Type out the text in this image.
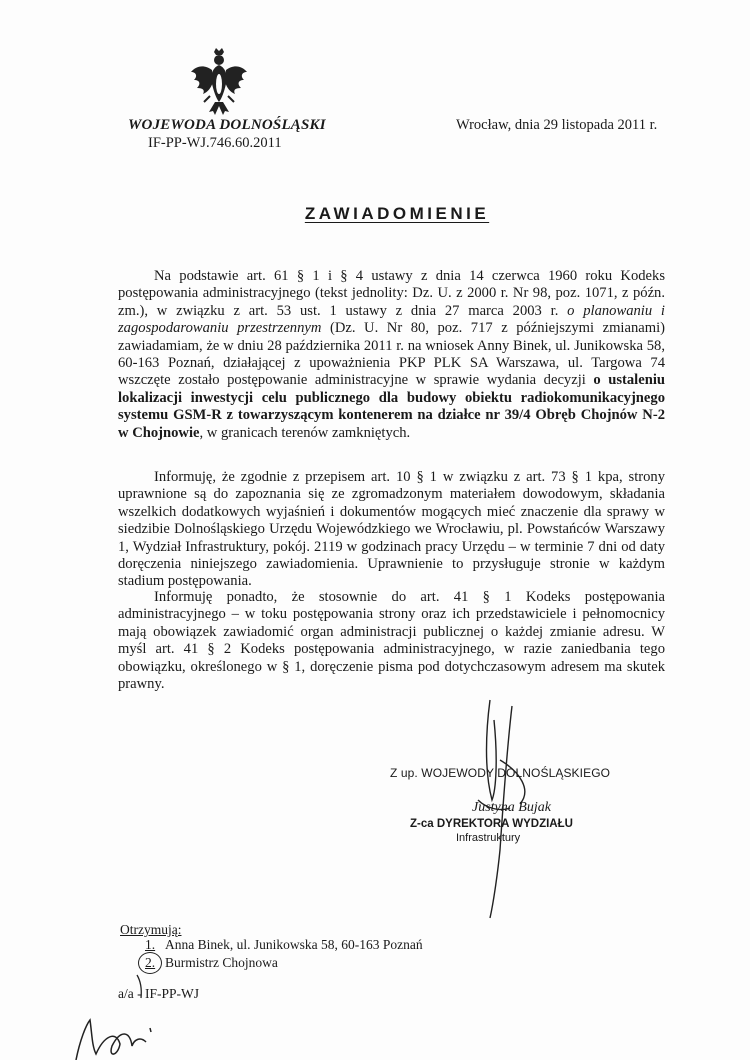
WOJEWODA DOLNOŚLĄSKI
IF-PP-WJ.746.60.2011
Wrocław, dnia 29 listopada 2011 r.
ZAWIADOMIENIE

Na podstawie art. 61 § 1 i § 4 ustawy z dnia 14 czerwca 1960 roku Kodeks postępowania administracyjnego (tekst jednolity: Dz. U. z 2000 r. Nr 98, poz. 1071, z późn. zm.), w związku z art. 53 ust. 1 ustawy z dnia 27 marca 2003 r. o planowaniu i zagospodarowaniu przestrzennym (Dz. U. Nr 80, poz. 717 z późniejszymi zmianami) zawiadamiam, że w dniu 28 października 2011 r. na wniosek Anny Binek, ul. Junikowska 58, 60-163 Poznań, działającej z upoważnienia PKP PLK SA Warszawa, ul. Targowa 74 wszczęte zostało postępowanie administracyjne w sprawie wydania decyzji o ustaleniu lokalizacji inwestycji celu publicznego dla budowy obiektu radiokomunikacyjnego systemu GSM-R z towarzyszącym kontenerem na działce nr 39/4 Obręb Chojnów N-2 w Chojnowie, w granicach terenów zamkniętych.

Informuję, że zgodnie z przepisem art. 10 § 1 w związku z art. 73 § 1 kpa, strony uprawnione są do zapoznania się ze zgromadzonym materiałem dowodowym, składania wszelkich dodatkowych wyjaśnień i dokumentów mogących mieć znaczenie dla sprawy w siedzibie Dolnośląskiego Urzędu Wojewódzkiego we Wrocławiu, pl. Powstańców Warszawy 1, Wydział Infrastruktury, pokój. 2119 w godzinach pracy Urzędu – w terminie 7 dni od daty doręczenia niniejszego zawiadomienia. Uprawnienie to przysługuje stronie w każdym stadium postępowania.

Informuję ponadto, że stosownie do art. 41 § 1 Kodeks postępowania administracyjnego – w toku postępowania strony oraz ich przedstawiciele i pełnomocnicy mają obowiązek zawiadomić organ administracji publicznej o każdej zmianie adresu. W myśl art. 41 § 2 Kodeks postępowania administracyjnego, w razie zaniedbania tego obowiązku, określonego w § 1, doręczenie pisma pod dotychczasowym adresem ma skutek prawny.

Z up. WOJEWODY DOLNOŚLĄSKIEGO
Justyna Bujak
Z-ca DYREKTORA WYDZIAŁU
Infrastruktury
Otrzymują:
1. Anna Binek, ul. Junikowska 58, 60-163 Poznań
2. Burmistrz Chojnowa
a/a - IF-PP-WJ
